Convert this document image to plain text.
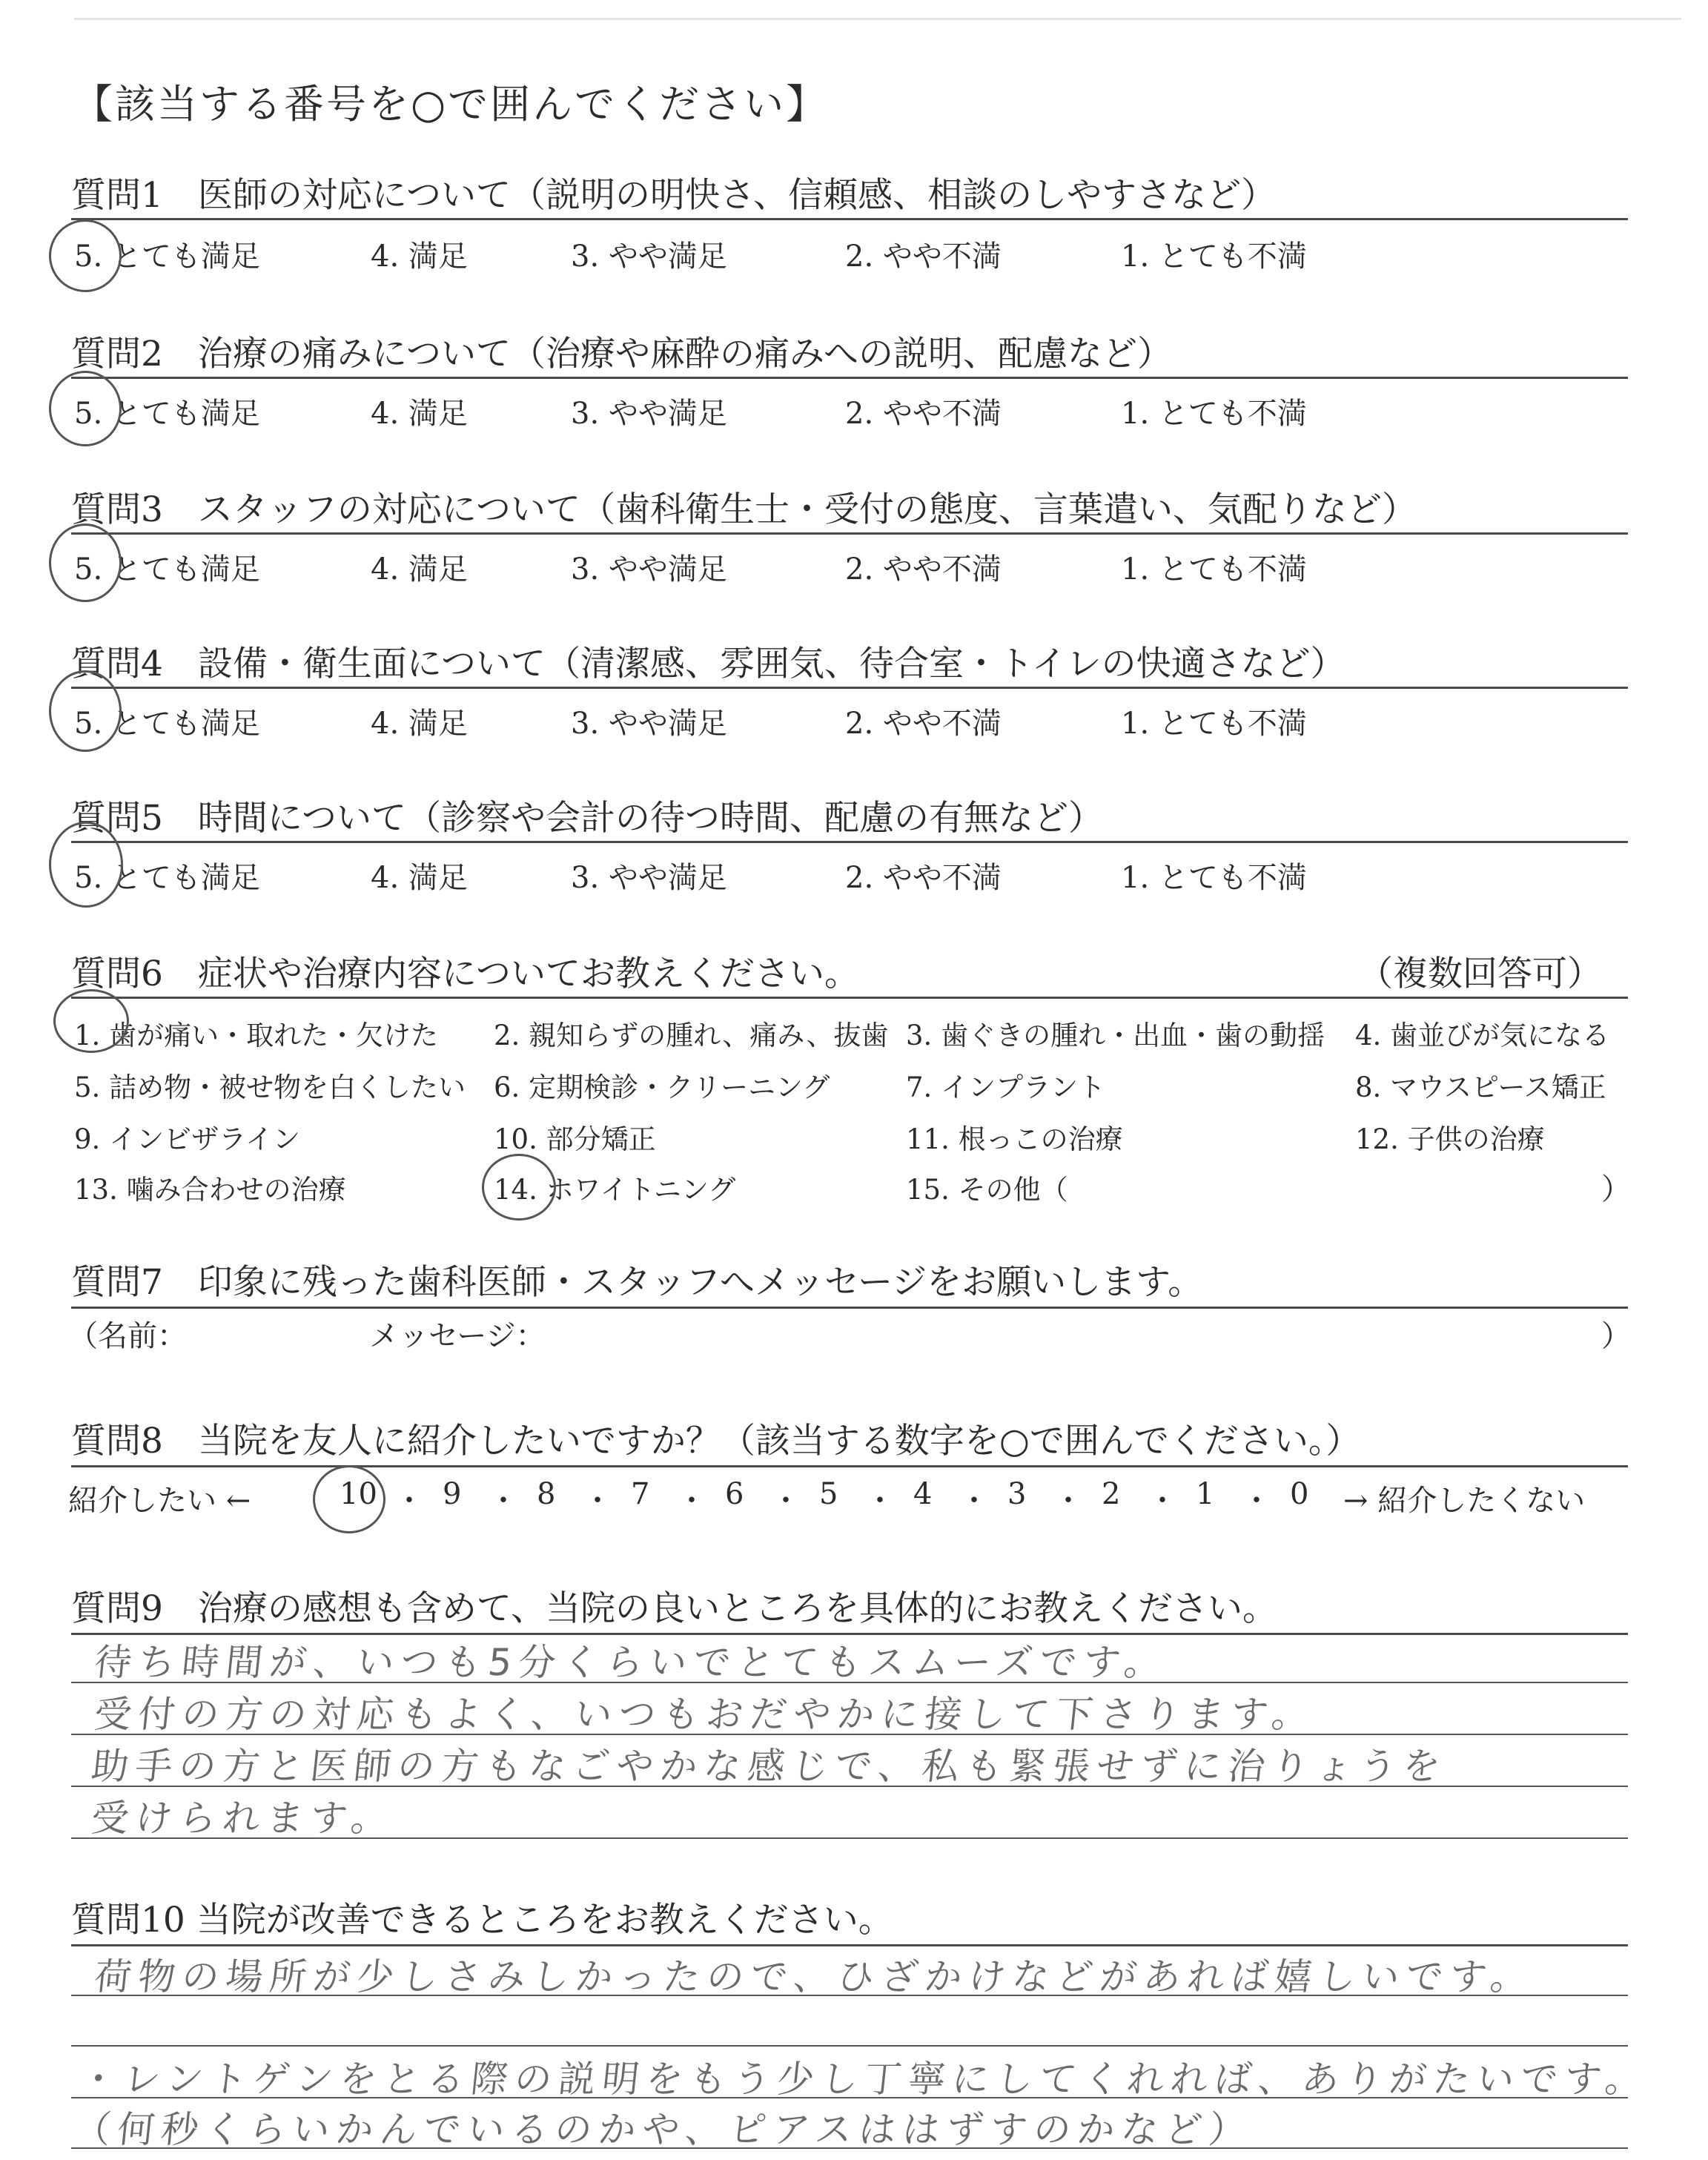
【該当する番号を○で囲んでください】
質問1　医師の対応について（説明の明快さ、信頼感、相談のしやすさなど）
5. とても満足	4. 満足	3. やや満足	2. やや不満	1. とても不満
質問2　治療の痛みについて（治療や麻酔の痛みへの説明、配慮など）
5. とても満足	4. 満足	3. やや満足	2. やや不満	1. とても不満
質問3　スタッフの対応について（歯科衛生士・受付の態度、言葉遣い、気配りなど）
5. とても満足	4. 満足	3. やや満足	2. やや不満	1. とても不満
質問4　設備・衛生面について（清潔感、雰囲気、待合室・トイレの快適さなど）
5. とても満足	4. 満足	3. やや満足	2. やや不満	1. とても不満
質問5　時間について（診察や会計の待つ時間、配慮の有無など）
5. とても満足	4. 満足	3. やや満足	2. やや不満	1. とても不満
質問6　症状や治療内容についてお教えください。	（複数回答可）
1. 歯が痛い・取れた・欠けた 2. 親知らずの腫れ、痛み、抜歯 3. 歯ぐきの腫れ・出血・歯の動揺 4. 歯並びが気になる
5. 詰め物・被せ物を白くしたい 6. 定期検診・クリーニング	7. インプラント	8. マウスピース矯正
9. インビザライン	10. 部分矯正	11. 根っこの治療	12. 子供の治療
13. 噛み合わせの治療	14. ホワイトニング	15. その他（	）
質問7　印象に残った歯科医師・スタッフへメッセージをお願いします。
（名前：	メッセージ：	）
質問8　当院を友人に紹介したいですか？（該当する数字を○で囲んでください。）
紹介したい ←	10 ・ 9 ・ 8 ・ 7 ・ 6 ・ 5 ・ 4 ・ 3 ・ 2 ・ 1 ・ 0 → 紹介したくない
質問9　治療の感想も含めて、当院の良いところを具体的にお教えください。
待ち時間が、いつも5分くらいでとてもスムーズです。
受付の方の対応もよく、いつもおだやかに接して下さります。
助手の方と医師の方もなごやかな感じで、私も緊張せずに治りょうを
受けられます。
質問10 当院が改善できるところをお教えください。
荷物の場所が少しさみしかったので、ひざかけなどがあれば嬉しいです。
・レントゲンをとる際の説明をもう少し丁寧にしてくれれば、ありがたいです。
（何秒くらいかんでいるのかや、ピアスははずすのかなど）
